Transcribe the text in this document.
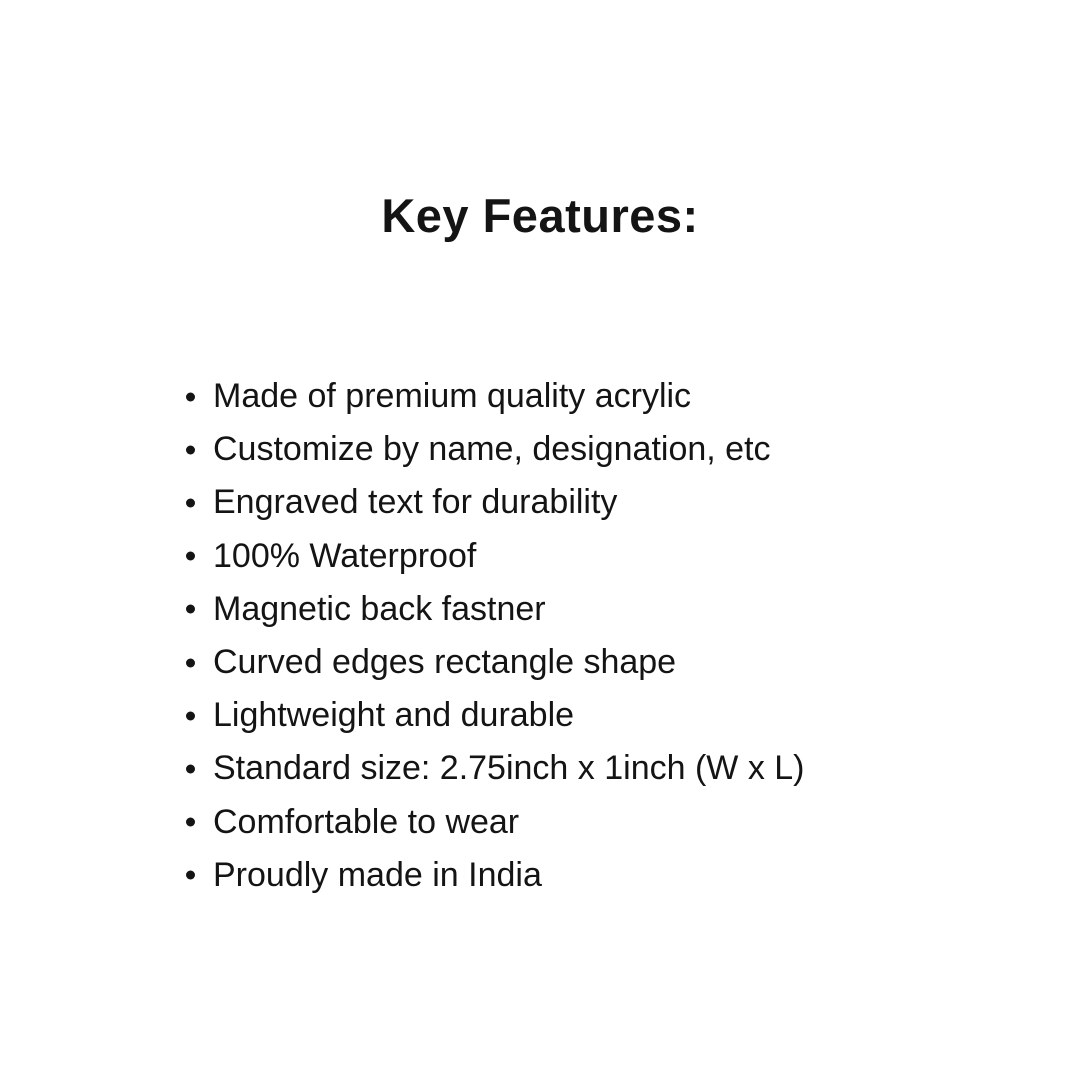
Key Features:
Made of premium quality acrylic
Customize by name, designation, etc
Engraved text for durability
100% Waterproof
Magnetic back fastner
Curved edges rectangle shape
Lightweight and durable
Standard size: 2.75inch x 1inch (W x L)
Comfortable to wear
Proudly made in India
